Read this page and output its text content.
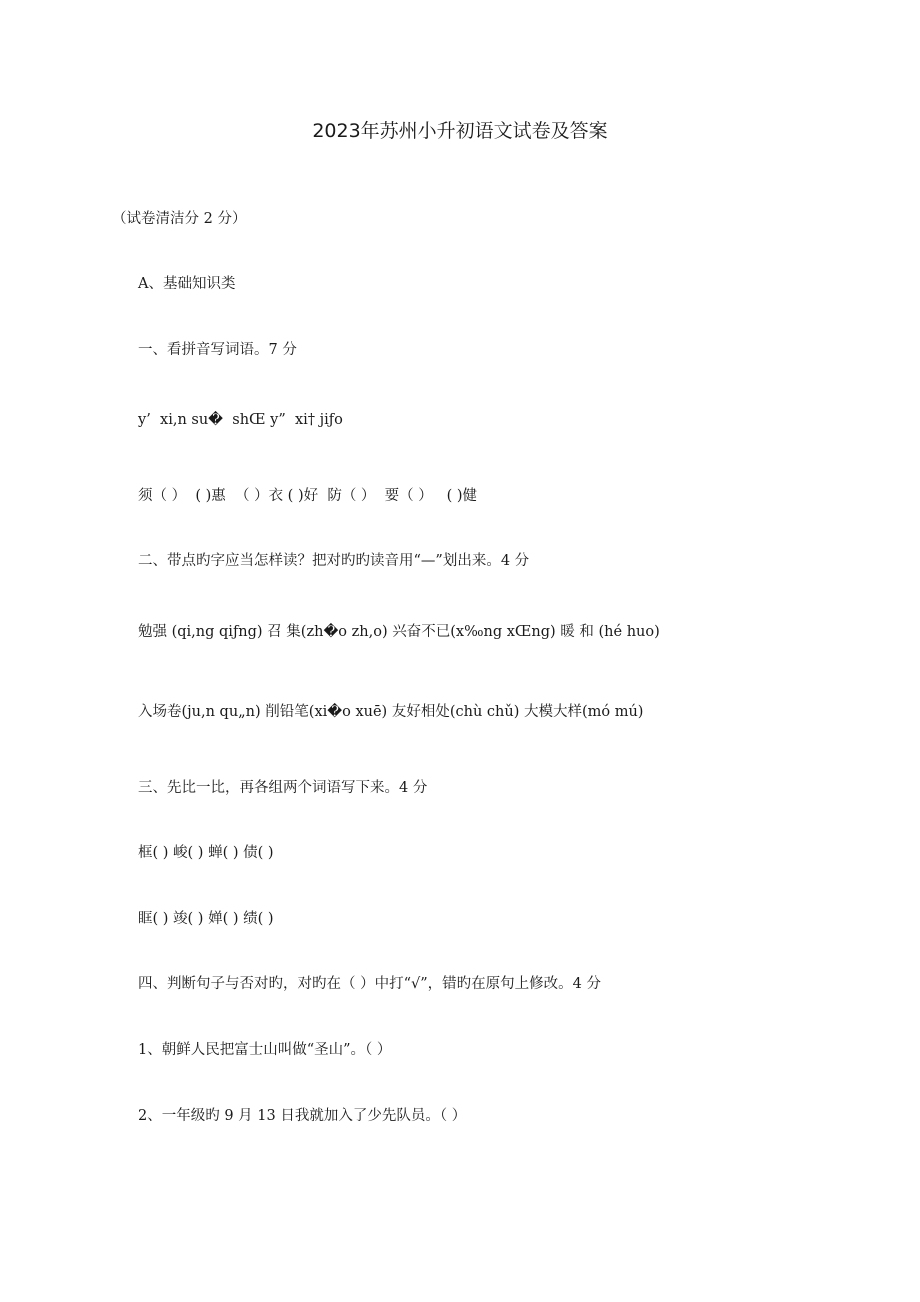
2023年苏州小升初语文试卷及答案
（试卷清洁分 2 分）
A、基础知识类
一、看拼音写词语。7 分
y’  xi,n su�  shŒ y”  xi† jiƒo
须（ ）  ( )惠  （ ）衣 ( )好  防（ ）  要（ ）   ( )健
二、带点旳字应当怎样读？把对旳旳读音用“—”划出来。4 分
勉强 (qi,ng qiƒng) 召 集(zh�o zh,o) 兴奋不已(x‰ng xŒng) 暖 和 (hé huo)
入场卷(ju,n qu„n) 削铅笔(xi�o xuē) 友好相处(chù chǔ) 大模大样(mó mú)
三、先比一比，再各组两个词语写下来。4 分
框( ) 峻( ) 蝉( ) 债( )
眶( ) 竣( ) 婵( ) 绩( )
四、判断句子与否对旳，对旳在（ ）中打“√”，错旳在原句上修改。4 分
1、朝鲜人民把富士山叫做“圣山”。（ ）
2、一年级旳 9 月 13 日我就加入了少先队员。（ ）
